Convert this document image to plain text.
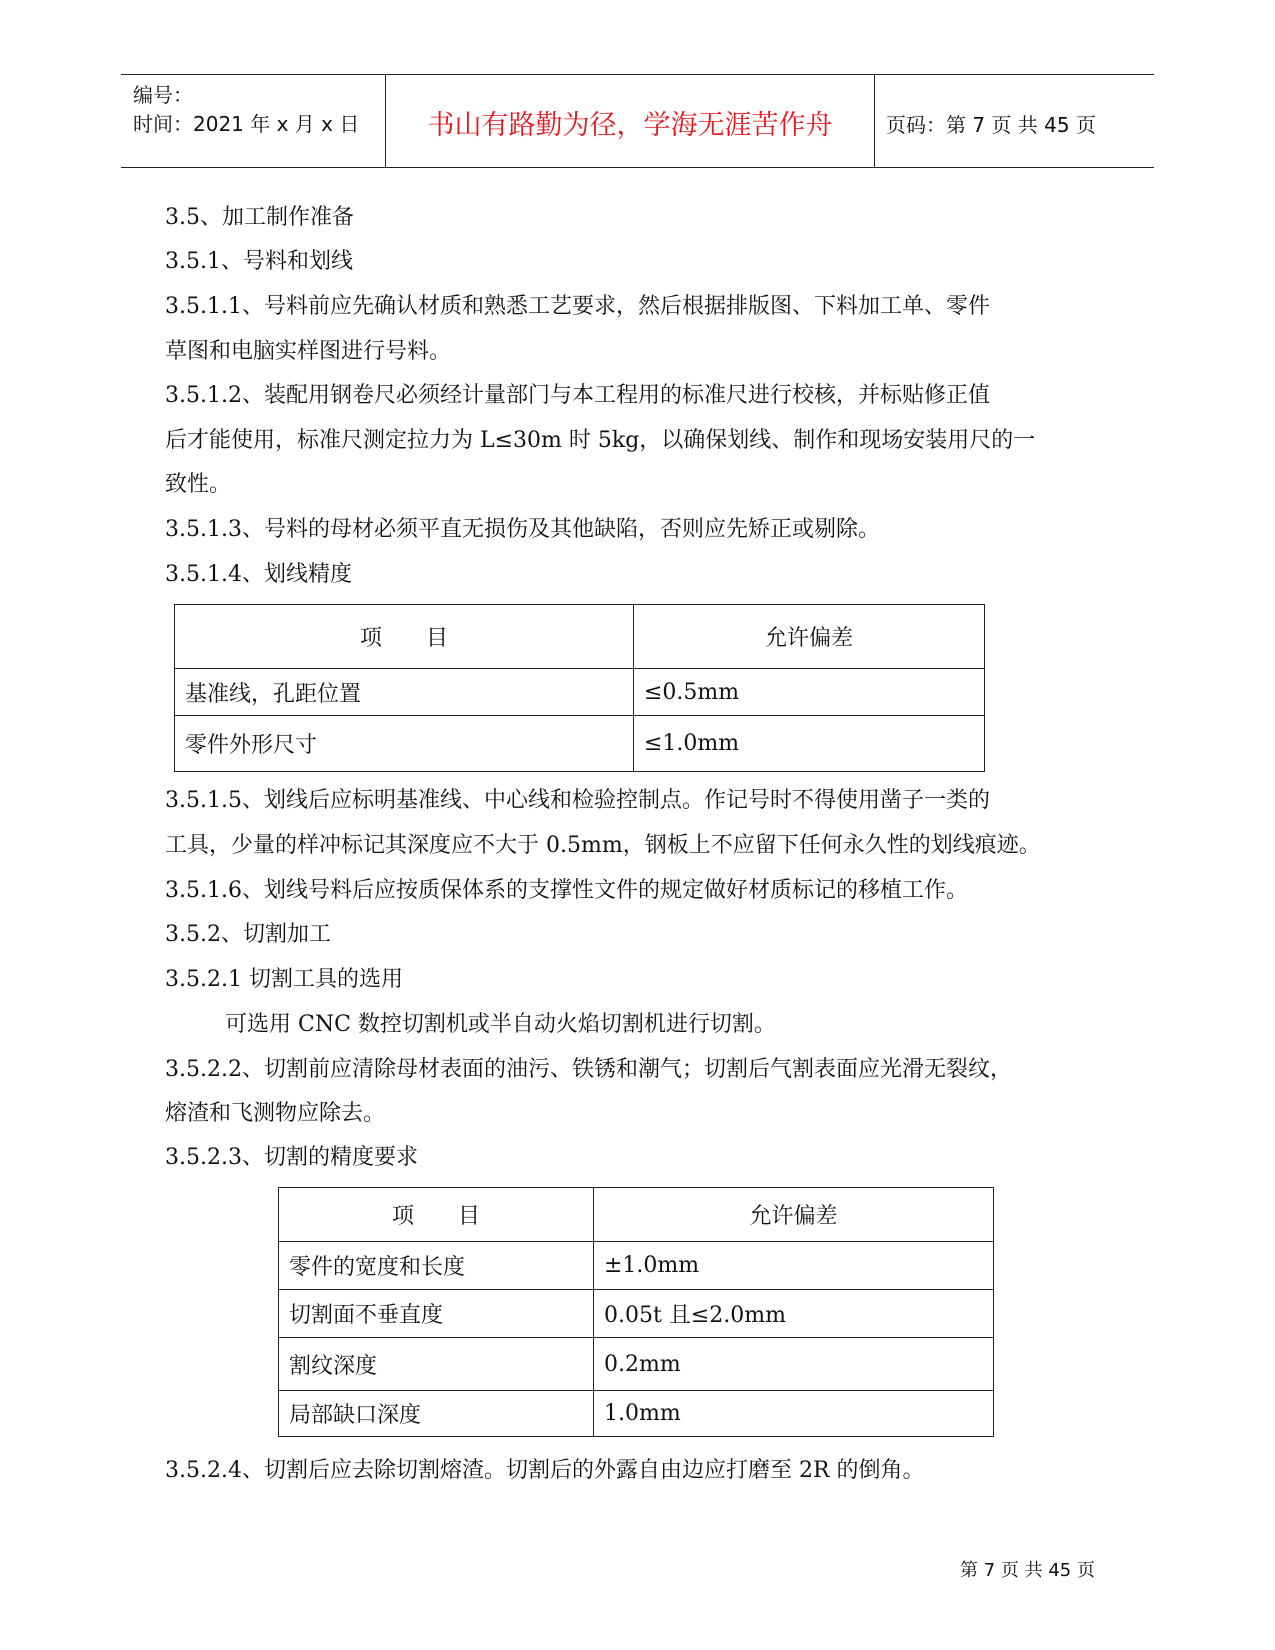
编号：
时间：2021 年 x 月 x 日	书山有路勤为径，学海无涯苦作舟	页码：第 7 页 共 45 页
3.5、加工制作准备
3.5.1、号料和划线
3.5.1.1、号料前应先确认材质和熟悉工艺要求，然后根据排版图、下料加工单、零件
草图和电脑实样图进行号料。
3.5.1.2、装配用钢卷尺必须经计量部门与本工程用的标准尺进行校核，并标贴修正值
后才能使用，标准尺测定拉力为 L≤30m 时 5kg，以确保划线、制作和现场安装用尺的一
致性。
3.5.1.3、号料的母材必须平直无损伤及其他缺陷，否则应先矫正或剔除。
3.5.1.4、划线精度
项　　目	允许偏差
基准线，孔距位置	≤0.5mm
零件外形尺寸	≤1.0mm
3.5.1.5、划线后应标明基准线、中心线和检验控制点。作记号时不得使用凿子一类的
工具，少量的样冲标记其深度应不大于 0.5mm，钢板上不应留下任何永久性的划线痕迹。
3.5.1.6、划线号料后应按质保体系的支撑性文件的规定做好材质标记的移植工作。
3.5.2、切割加工
3.5.2.1 切割工具的选用
可选用 CNC 数控切割机或半自动火焰切割机进行切割。
3.5.2.2、切割前应清除母材表面的油污、铁锈和潮气；切割后气割表面应光滑无裂纹，
熔渣和飞测物应除去。
3.5.2.3、切割的精度要求
项　　目	允许偏差
零件的宽度和长度	±1.0mm
切割面不垂直度	0.05t 且≤2.0mm
割纹深度	0.2mm
局部缺口深度	1.0mm
3.5.2.4、切割后应去除切割熔渣。切割后的外露自由边应打磨至 2R 的倒角。
第 7 页 共 45 页
